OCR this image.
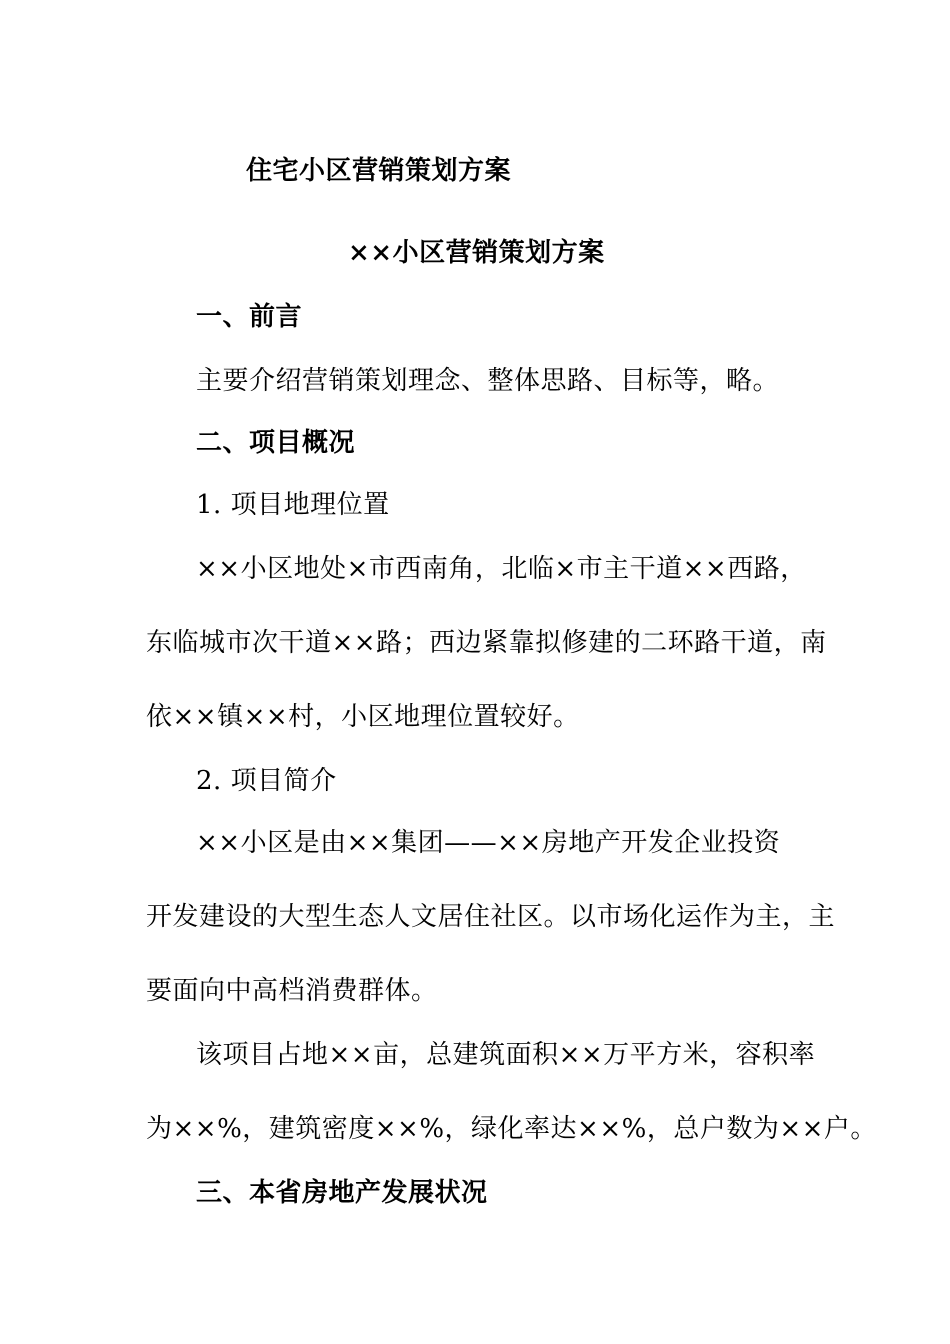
住宅小区营销策划方案
××小区营销策划方案
一、前言
主要介绍营销策划理念、整体思路、目标等，略。
二、项目概况
1. 项目地理位置
××小区地处×市西南角，北临×市主干道××西路，
东临城市次干道××路；西边紧靠拟修建的二环路干道，南
依××镇××村，小区地理位置较好。
2. 项目简介
××小区是由××集团——××房地产开发企业投资
开发建设的大型生态人文居住社区。以市场化运作为主，主
要面向中高档消费群体。
该项目占地××亩，总建筑面积××万平方米，容积率
为××%，建筑密度××%，绿化率达××%，总户数为××户。
三、本省房地产发展状况
